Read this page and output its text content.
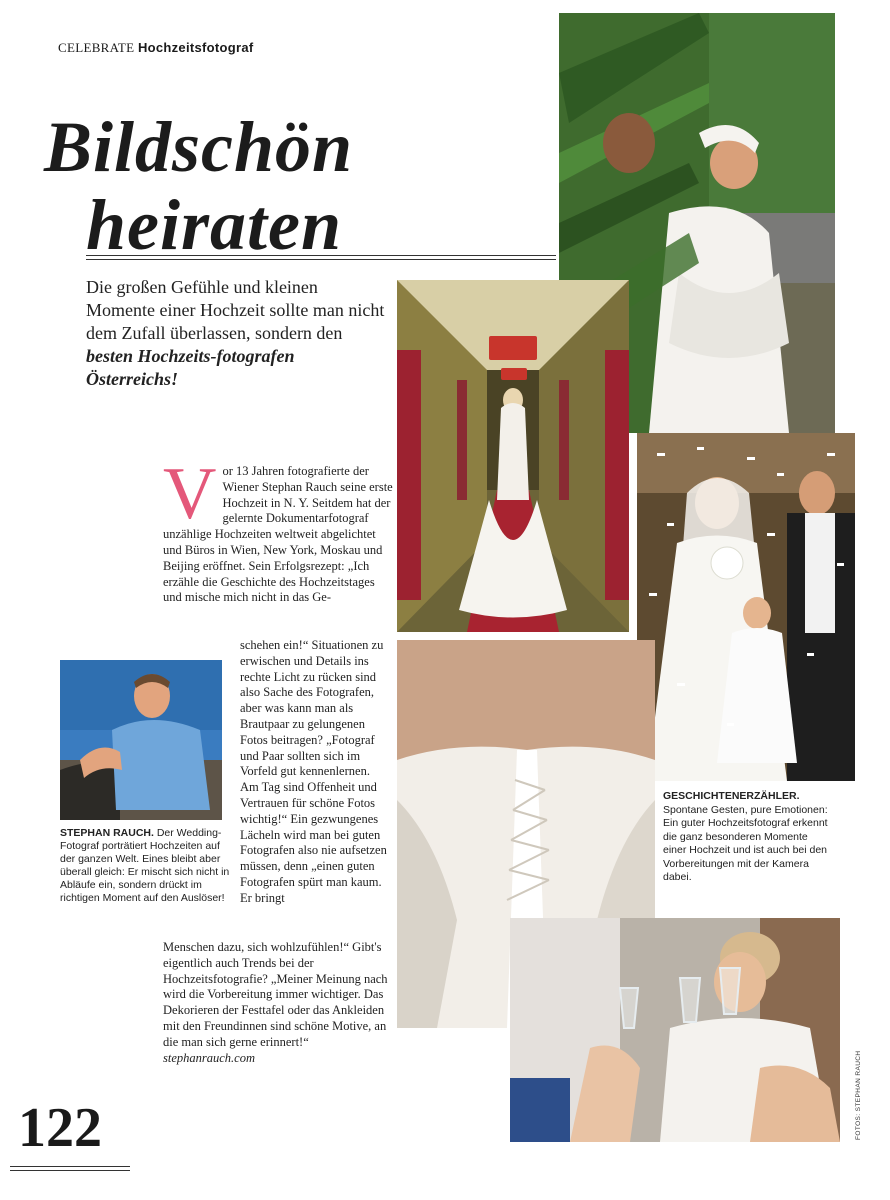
CELEBRATE Hochzeitsfotograf
Bildschön
heiraten
Die großen Gefühle und kleinen Momente einer Hochzeit sollte man nicht dem Zufall überlassen, sondern den besten Hochzeits-fotografen Österreichs!
V or 13 Jahren fotografierte der Wiener Stephan Rauch seine erste Hochzeit in N. Y. Seitdem hat der gelernte Dokumentarfotograf unzählige Hochzeiten weltweit abgelichtet und Büros in Wien, New York, Moskau und Beijing eröffnet. Sein Erfolgsrezept: „Ich erzähle die Geschichte des Hochzeitstages und mische mich nicht in das Ge-
schehen ein!“ Situationen zu erwischen und Details ins rechte Licht zu rücken sind also Sache des Fotografen, aber was kann man als Brautpaar zu gelungenen Fotos beitragen? „Fotograf und Paar sollten sich im Vorfeld gut kennenlernen. Am Tag sind Offenheit und Vertrauen für schöne Fotos wichtig!“ Ein gezwungenes Lächeln wird man bei guten Fotografen also nie aufsetzen müssen, denn „einen guten Fotografen spürt man kaum. Er bringt
Menschen dazu, sich wohlzufühlen!“ Gibt's eigentlich auch Trends bei der Hochzeitsfotografie? „Meiner Meinung nach wird die Vorbereitung immer wichtiger. Das Dekorieren der Festtafel oder das Ankleiden mit den Freundinnen sind schöne Motive, an die man sich gerne erinnert!“ stephanrauch.com
STEPHAN RAUCH. Der Wedding-Fotograf porträtiert Hochzeiten auf der ganzen Welt. Eines bleibt aber überall gleich: Er mischt sich nicht in Abläufe ein, sondern drückt im richtigen Moment auf den Auslöser!
GESCHICHTENERZÄHLER.
Spontane Gesten, pure Emotionen: Ein guter Hochzeitsfotograf erkennt die ganz besonderen Momente einer Hochzeit und ist auch bei den Vorbereitungen mit der Kamera dabei.
122	FOTOS: STEPHAN RAUCH
